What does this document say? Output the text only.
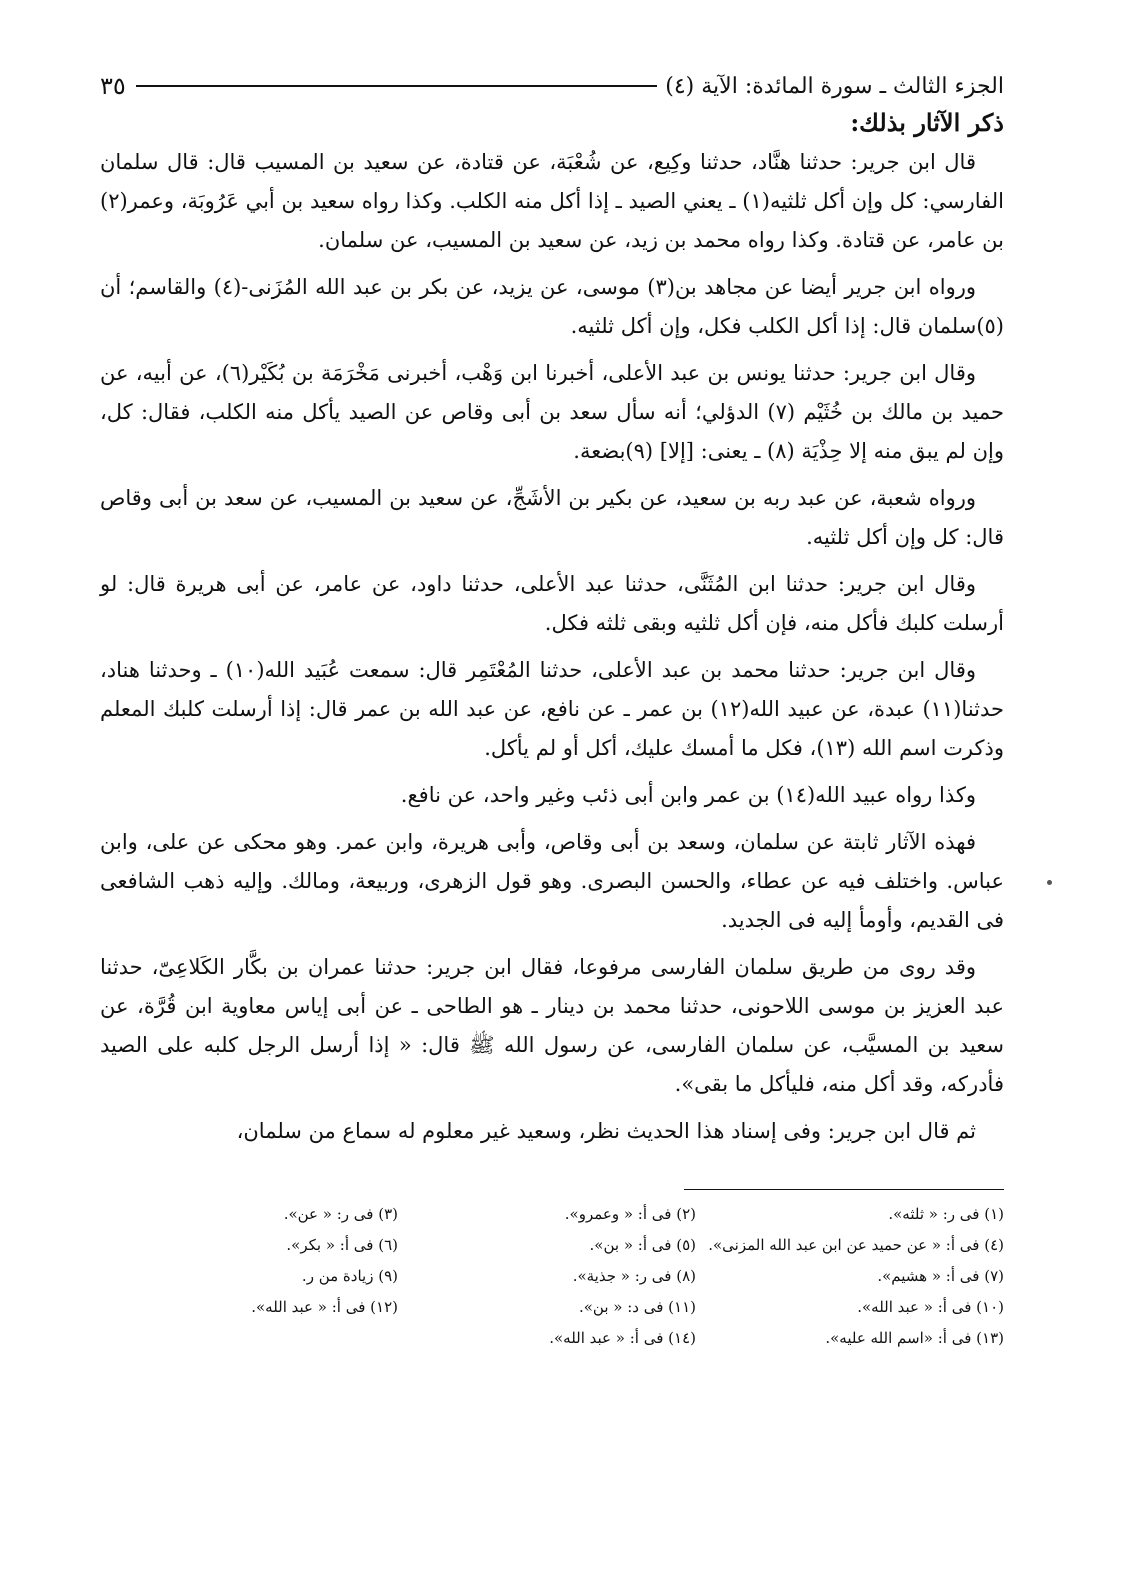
الجزء الثالث ـ سورة المائدة: الآية (٤)
٣٥
ذكر الآثار بذلك:

قال ابن جرير: حدثنا هنَّاد، حدثنا وكِيع، عن شُعْبَة، عن قتادة، عن سعيد بن المسيب قال: قال سلمان الفارسي: كل وإن أكل ثلثيه(١) ـ يعني الصيد ـ إذا أكل منه الكلب. وكذا رواه سعيد بن أبي عَرُوبَة، وعمر(٢) بن عامر، عن قتادة. وكذا رواه محمد بن زيد، عن سعيد بن المسيب، عن سلمان.

ورواه ابن جرير أيضا عن مجاهد بن(٣) موسى، عن يزيد، عن بكر بن عبد الله المُزَنى-(٤) والقاسم؛ أن (٥)سلمان قال: إذا أكل الكلب فكل، وإن أكل ثلثيه.

وقال ابن جرير: حدثنا يونس بن عبد الأعلى، أخبرنا ابن وَهْب، أخبرنى مَخْرَمَة بن بُكَيْر(٦)، عن أبيه، عن حميد بن مالك بن خُثَيْم (٧) الدؤلي؛ أنه سأل سعد بن أبى وقاص عن الصيد يأكل منه الكلب، فقال: كل، وإن لم يبق منه إلا حِذْيَة (٨) ـ يعنى: [إلا] (٩)بضعة.

ورواه شعبة، عن عبد ربه بن سعيد، عن بكير بن الأشَجِّ، عن سعيد بن المسيب، عن سعد بن أبى وقاص قال: كل وإن أكل ثلثيه.

وقال ابن جرير: حدثنا ابن المُثَنَّى، حدثنا عبد الأعلى، حدثنا داود، عن عامر، عن أبى هريرة قال: لو أرسلت كلبك فأكل منه، فإن أكل ثلثيه وبقى ثلثه فكل.

وقال ابن جرير: حدثنا محمد بن عبد الأعلى، حدثنا المُعْتَمِر قال: سمعت عُبَيد الله(١٠) ـ وحدثنا هناد، حدثنا(١١) عبدة، عن عبيد الله(١٢) بن عمر ـ عن نافع، عن عبد الله بن عمر قال: إذا أرسلت كلبك المعلم وذكرت اسم الله (١٣)، فكل ما أمسك عليك، أكل أو لم يأكل.

وكذا رواه عبيد الله(١٤) بن عمر وابن أبى ذئب وغير واحد، عن نافع.

فهذه الآثار ثابتة عن سلمان، وسعد بن أبى وقاص، وأبى هريرة، وابن عمر. وهو محكى عن على، وابن عباس. واختلف فيه عن عطاء، والحسن البصرى. وهو قول الزهرى، وربيعة، ومالك. وإليه ذهب الشافعى فى القديم، وأومأ إليه فى الجديد.

وقد روى من طريق سلمان الفارسى مرفوعا، فقال ابن جرير: حدثنا عمران بن بكَّار الكَلاعِىّ، حدثنا عبد العزيز بن موسى اللاحونى، حدثنا محمد بن دينار ـ هو الطاحى ـ عن أبى إياس معاوية ابن قُرَّة، عن سعيد بن المسيَّب، عن سلمان الفارسى، عن رسول الله ﷺ قال: « إذا أرسل الرجل كلبه على الصيد فأدركه، وقد أكل منه، فليأكل ما بقى».

ثم قال ابن جرير: وفى إسناد هذا الحديث نظر، وسعيد غير معلوم له سماع من سلمان،

(١) فى ر: « ثلثه».
(٢) فى أ: « وعمرو».
(٣) فى ر: « عن».
(٤) فى أ: « عن حميد عن ابن عبد الله المزنى».
(٥) فى أ: « بن».
(٦) فى أ: « بكر».
(٧) فى أ: « هشيم».
(٨) فى ر: « جذية».
(٩) زيادة من ر.
(١٠) فى أ: « عبد الله».
(١١) فى د: « بن».
(١٢) فى أ: « عبد الله».
(١٣) فى أ: «اسم الله عليه».
(١٤) فى أ: « عبد الله».
